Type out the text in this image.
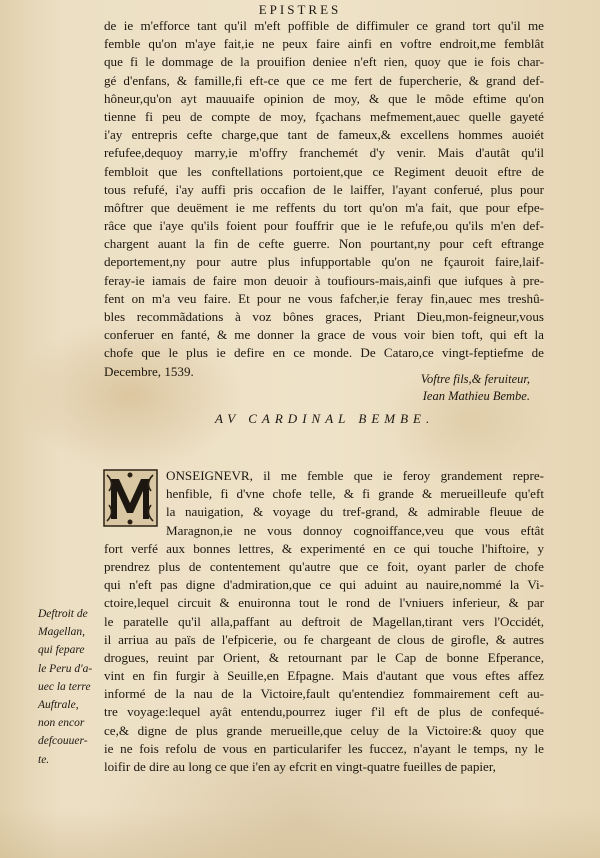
EPISTRES
de ie m'efforce tant qu'il m'eft poffible de diffimuler ce grand tort qu'il me
femble qu'on m'aye fait,ie ne peux faire ainfi en voftre endroit,me femblât
que fi le dommage de la prouifion deniee n'eft rien, quoy que ie fois char-
gé d'enfans, & famille,fi eft-ce que ce me fert de fupercherie, & grand def-
hôneur,qu'on ayt mauuaife opinion de moy, & que le môde eftime qu'on
tienne fi peu de compte de moy, fçachans mefmement,auec quelle gayeté
i'ay entrepris cefte charge,que tant de fameux,& excellens hommes auoiét
refufee,dequoy marry,ie m'offry franchemét d'y venir. Mais d'autât qu'il
fembloit que les conftellations portoient,que ce Regiment deuoit eftre de
tous refufé, i'ay auffi pris occafion de le laiffer, l'ayant conferué, plus pour
môftrer que deuëment ie me reffents du tort qu'on m'a fait, que pour efpe-
râce que i'aye qu'ils foient pour fouffrir que ie le refufe,ou qu'ils m'en def-
chargent auant la fin de cefte guerre. Non pourtant,ny pour ceft eftrange
deportement,ny pour autre plus infupportable qu'on ne fçauroit faire,laif-
feray-ie iamais de faire mon deuoir à toufiours-mais,ainfi que iufques à pre-
fent on m'a veu faire. Et pour ne vous fafcher,ie feray fin,auec mes treshû-
bles recommãdations à voz bônes graces, Priant Dieu,mon-feigneur,vous
conferuer en fanté, & me donner la grace de vous voir bien toft, qui eft la
chofe que le plus ie defire en ce monde. De Cataro,ce vingt-feptiefme de
Decembre, 1539.
Voftre fils,& feruiteur,
Iean Mathieu Bembe.
AV CARDINAL BEMBE.
ONSEIGNEVR, il me femble que ie feroy grandement repre-
henfible, fi d'vne chofe telle, & fi grande & merueilleufe qu'eft
la nauigation, & voyage du tref-grand, & admirable fleuue de
Maragnon,ie ne vous donnoy cognoiffance,veu que vous eftât
fort verfé aux bonnes lettres, & experimenté en ce qui touche l'hiftoire, y
prendrez plus de contentement qu'autre que ce foit, oyant parler de chofe
qui n'eft pas digne d'admiration,que ce qui aduint au nauire,nommé la Vi-
ctoire,lequel circuit & enuironna tout le rond de l'vniuers inferieur, & par
le paratelle qu'il alla,paffant au deftroit de Magellan,tirant vers l'Occidét,
il arriua au païs de l'efpicerie, ou fe chargeant de clous de girofle, & autres
drogues, reuint par Orient, & retournant par le Cap de bonne Efperance,
vint en fin furgir à Seuille,en Efpagne. Mais d'autant que vous eftes affez
informé de la nau de la Victoire,fault qu'entendiez fommairement ceft au-
tre voyage:lequel ayât entendu,pourrez iuger f'il eft de plus de confequé-
ce,& digne de plus grande merueille,que celuy de la Victoire:& quoy que
ie ne fois refolu de vous en particularifer les fuccez, n'ayant le temps, ny le
loifir de dire au long ce que i'en ay efcrit en vingt-quatre fueilles de papier,
Deftroit de
Magellan,
qui fepare
le Peru d'a-
uec la terre
Auftrale,
non encor
defcouuer-
te.
